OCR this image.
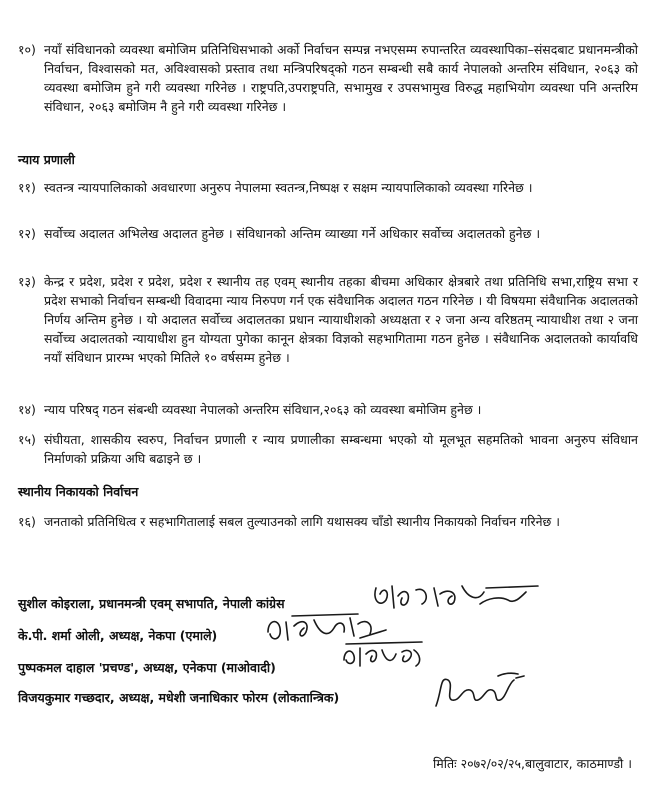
१०) नयाँ संविधानको व्यवस्था बमोजिम प्रतिनिधिसभाको अर्को निर्वाचन सम्पन्न नभएसम्म रुपान्तरित व्यवस्थापिका–संसदबाट प्रधानमन्त्रीको निर्वाचन, विश्वासको मत, अविश्वासको प्रस्ताव तथा मन्त्रिपरिषद्को गठन सम्बन्धी सबै कार्य नेपालको अन्तरिम संविधान, २०६३ को व्यवस्था बमोजिम हुने गरी व्यवस्था गरिनेछ । राष्ट्रपति,उपराष्ट्रपति, सभामुख र उपसभामुख विरुद्ध महाभियोग व्यवस्था पनि अन्तरिम संविधान, २०६३ बमोजिम नै हुने गरी व्यवस्था गरिनेछ ।
न्याय प्रणाली
११) स्वतन्त्र न्यायपालिकाको अवधारणा अनुरुप नेपालमा स्वतन्त्र,निष्पक्ष र सक्षम न्यायपालिकाको व्यवस्था गरिनेछ ।
१२) सर्वोच्च अदालत अभिलेख अदालत हुनेछ । संविधानको अन्तिम व्याख्या गर्ने अधिकार सर्वोच्च अदालतको हुनेछ ।
१३) केन्द्र र प्रदेश, प्रदेश र प्रदेश, प्रदेश र स्थानीय तह एवम् स्थानीय तहका बीचमा अधिकार क्षेत्रबारे तथा प्रतिनिधि सभा,राष्ट्रिय सभा र प्रदेश सभाको निर्वाचन सम्बन्धी विवादमा न्याय निरुपण गर्न एक संवैधानिक अदालत गठन गरिनेछ । यी विषयमा संवैधानिक अदालतको निर्णय अन्तिम हुनेछ । यो अदालत सर्वोच्च अदालतका प्रधान न्यायाधीशको अध्यक्षता र २ जना अन्य वरिष्ठतम् न्यायाधीश तथा २ जना सर्वोच्च अदालतको न्यायाधीश हुन योग्यता पुगेका कानून क्षेत्रका विज्ञको सहभागितामा गठन हुनेछ । संवैधानिक अदालतको कार्यावधि नयाँ संविधान प्रारम्भ भएको मितिले १० वर्षसम्म हुनेछ ।
१४) न्याय परिषद् गठन संबन्धी व्यवस्था नेपालको अन्तरिम संविधान,२०६३ को व्यवस्था बमोजिम हुनेछ ।
१५) संघीयता, शासकीय स्वरुप, निर्वाचन प्रणाली र न्याय प्रणालीका सम्बन्धमा भएको यो मूलभूत सहमतिको भावना अनुरुप संविधान निर्माणको प्रक्रिया अघि बढाइने छ ।
स्थानीय निकायको निर्वाचन
१६) जनताको प्रतिनिधित्व र सहभागितालाई सबल तुल्याउनको लागि यथासक्य चाँडो स्थानीय निकायको निर्वाचन गरिनेछ ।
सुशील कोइराला, प्रधानमन्त्री एवम् सभापति, नेपाली कांग्रेस
के.पी. शर्मा ओली, अध्यक्ष, नेकपा (एमाले)
पुष्पकमल दाहाल 'प्रचण्ड', अध्यक्ष, एनेकपा (माओवादी)
विजयकुमार गच्छदार, अध्यक्ष, मधेशी जनाधिकार फोरम (लोकतान्त्रिक)
मितिः २०७२/०२/२५,बालुवाटार, काठमाण्डौ ।
